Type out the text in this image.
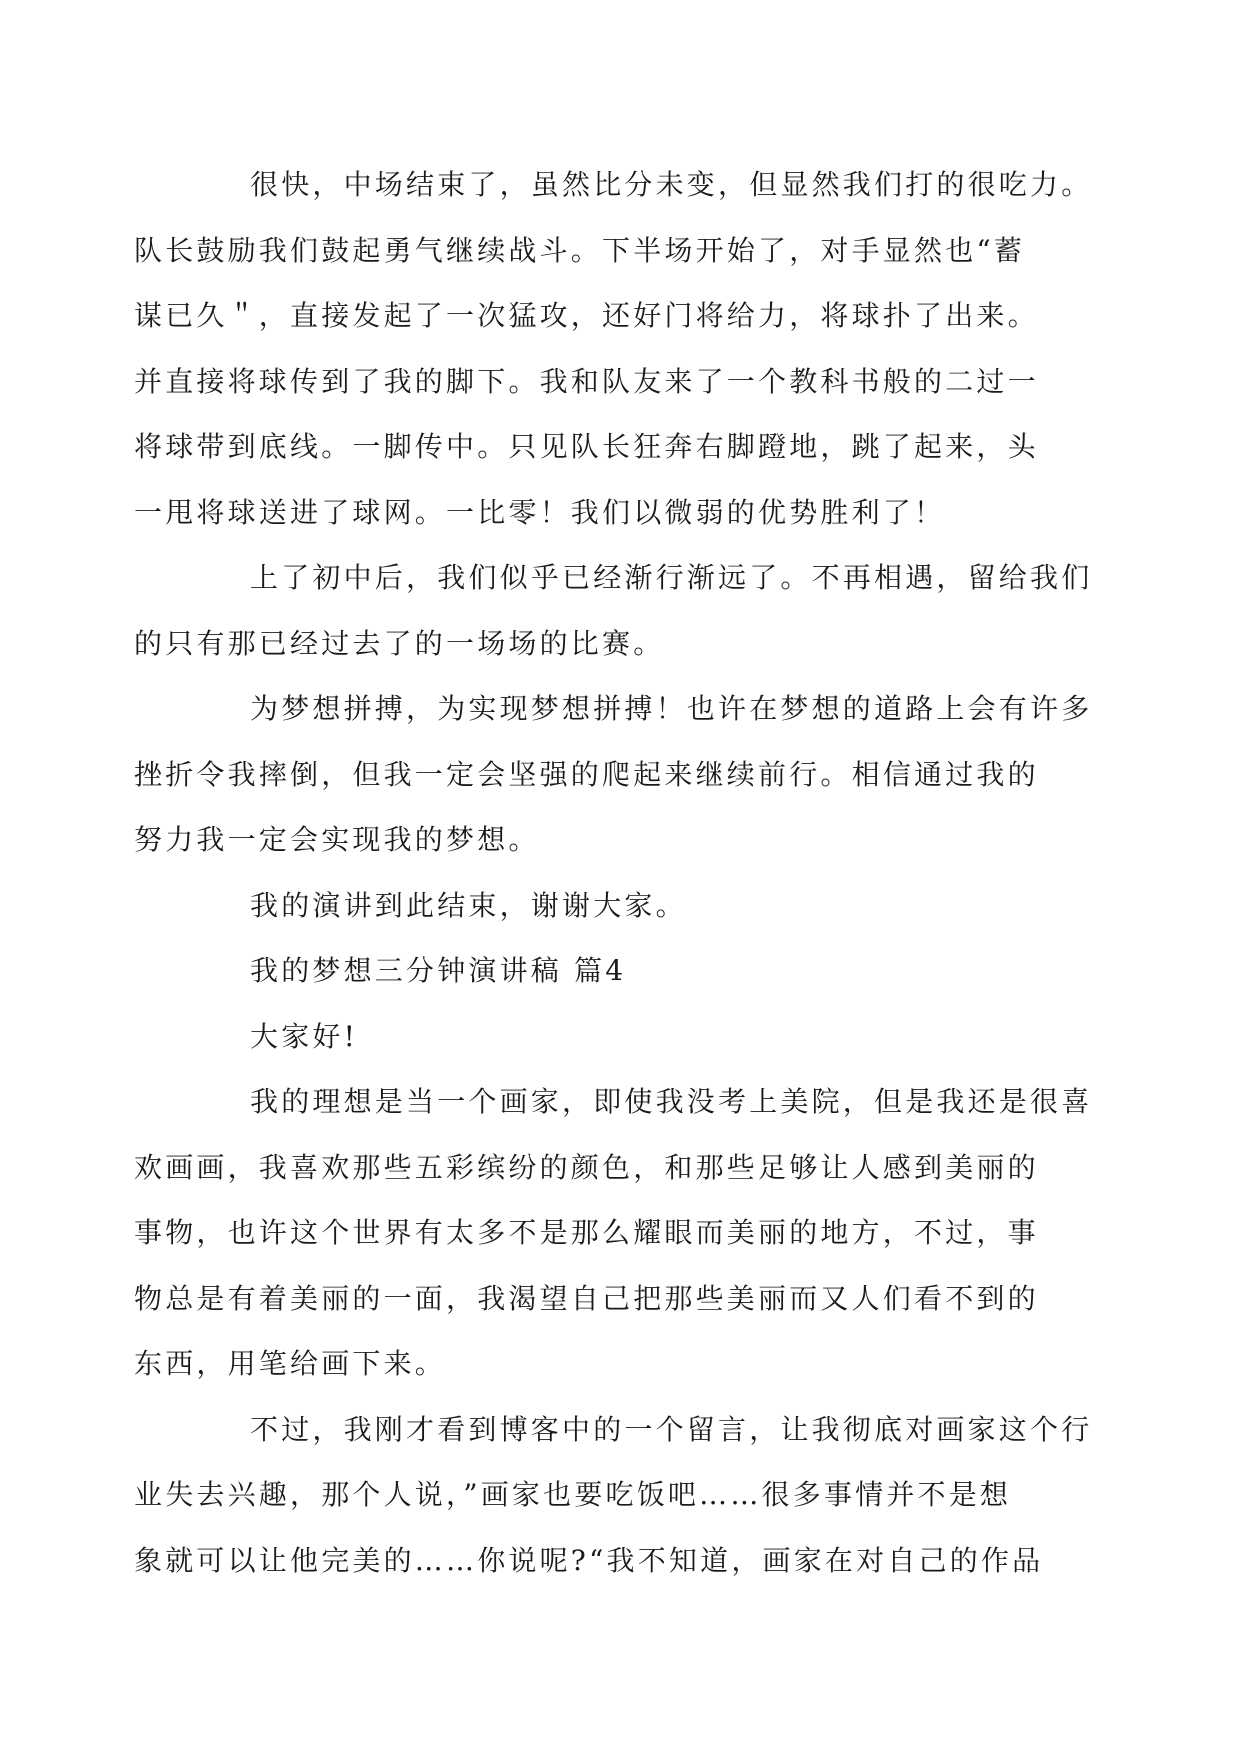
很快，中场结束了，虽然比分未变，但显然我们打的很吃力。
队长鼓励我们鼓起勇气继续战斗。下半场开始了，对手显然也“蓄
谋已久＂，直接发起了一次猛攻，还好门将给力，将球扑了出来。
并直接将球传到了我的脚下。我和队友来了一个教科书般的二过一
将球带到底线。一脚传中。只见队长狂奔右脚蹬地，跳了起来，头
一甩将球送进了球网。一比零！我们以微弱的优势胜利了！
上了初中后，我们似乎已经渐行渐远了。不再相遇，留给我们
的只有那已经过去了的一场场的比赛。
为梦想拼搏，为实现梦想拼搏！也许在梦想的道路上会有许多
挫折令我摔倒，但我一定会坚强的爬起来继续前行。相信通过我的
努力我一定会实现我的梦想。
我的演讲到此结束，谢谢大家。
我的梦想三分钟演讲稿 篇4
大家好!
我的理想是当一个画家，即使我没考上美院，但是我还是很喜
欢画画，我喜欢那些五彩缤纷的颜色，和那些足够让人感到美丽的
事物，也许这个世界有太多不是那么耀眼而美丽的地方，不过，事
物总是有着美丽的一面，我渴望自己把那些美丽而又人们看不到的
东西，用笔给画下来。
不过，我刚才看到博客中的一个留言，让我彻底对画家这个行
业失去兴趣，那个人说，”画家也要吃饭吧……很多事情并不是想
象就可以让他完美的……你说呢?“我不知道，画家在对自己的作品
